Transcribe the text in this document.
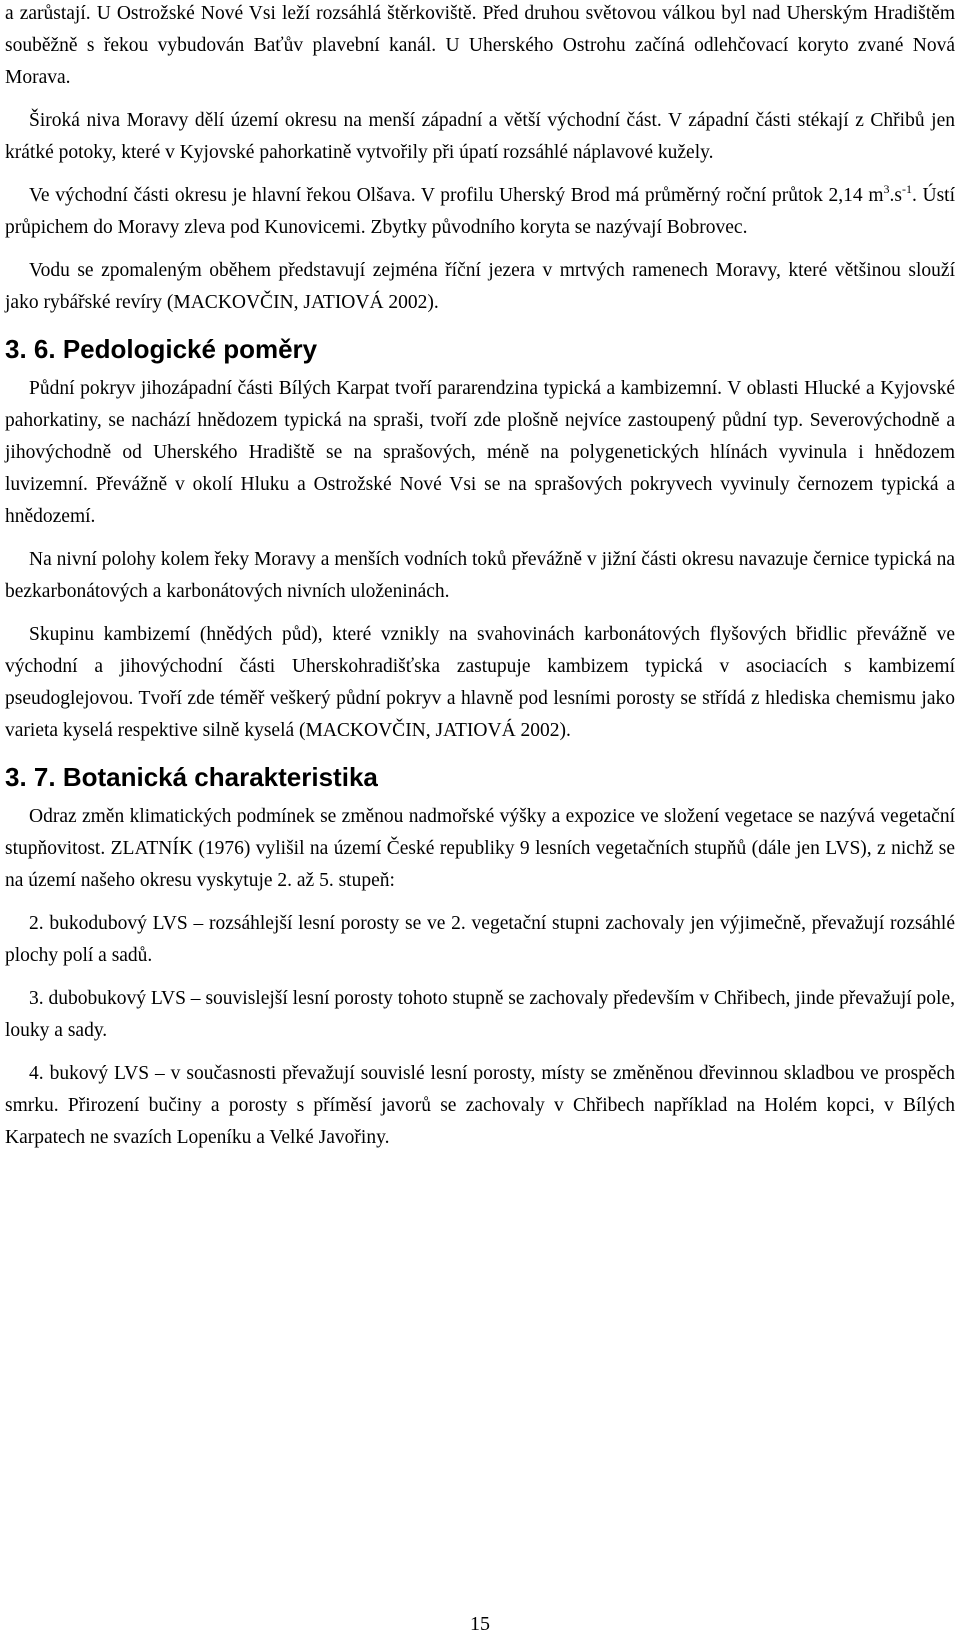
a zarůstají. U Ostrožské Nové Vsi leží rozsáhlá štěrkoviště. Před druhou světovou válkou byl nad Uherským Hradištěm souběžně s řekou vybudován Baťův plavební kanál. U Uherského Ostrohu začíná odlehčovací koryto zvané Nová Morava.

Široká niva Moravy dělí území okresu na menší západní a větší východní část. V západní části stékají z Chřibů jen krátké potoky, které v Kyjovské pahorkatině vytvořily při úpatí rozsáhlé náplavové kužely.

Ve východní části okresu je hlavní řekou Olšava. V profilu Uherský Brod má průměrný roční průtok 2,14 $m^3.s^{-1}$. Ústí průpichem do Moravy zleva pod Kunovicemi. Zbytky původního koryta se nazývají Bobrovec.

Vodu se zpomaleným oběhem představují zejména říční jezera v mrtvých ramenech Moravy, které většinou slouží jako rybářské revíry (MACKOVČIN, JATIOVÁ 2002).

3. 6. Pedologické poměry

Půdní pokryv jihozápadní části Bílých Karpat tvoří pararendzina typická a kambizemní. V oblasti Hlucké a Kyjovské pahorkatiny, se nachází hnědozem typická na spraši, tvoří zde plošně nejvíce zastoupený půdní typ. Severovýchodně a jihovýchodně od Uherského Hradiště se na sprašových, méně na polygenetických hlínách vyvinula i hnědozem luvizemní. Převážně v okolí Hluku a Ostrožské Nové Vsi se na sprašových pokryvech vyvinuly černozem typická a hnědozemí.

Na nivní polohy kolem řeky Moravy a menších vodních toků převážně v jižní části okresu navazuje černice typická na bezkarbonátových a karbonátových nivních uloženinách.

Skupinu kambizemí (hnědých půd), které vznikly na svahovinách karbonátových flyšových břidlic převážně ve východní a jihovýchodní části Uherskohradišťska zastupuje kambizem typická v asociacích s kambizemí pseudoglejovou. Tvoří zde téměř veškerý půdní pokryv a hlavně pod lesními porosty se střídá z hlediska chemismu jako varieta kyselá respektive silně kyselá (MACKOVČIN, JATIOVÁ 2002).

3. 7. Botanická charakteristika

Odraz změn klimatických podmínek se změnou nadmořské výšky a expozice ve složení vegetace se nazývá vegetační stupňovitost. ZLATNÍK (1976) vylišil na území České republiky 9 lesních vegetačních stupňů (dále jen LVS), z nichž se na území našeho okresu vyskytuje 2. až 5. stupeň:

2. bukodubový LVS – rozsáhlejší lesní porosty se ve 2. vegetační stupni zachovaly jen výjimečně, převažují rozsáhlé plochy polí a sadů.

3. dubobukový LVS – souvislejší lesní porosty tohoto stupně se zachovaly především v Chřibech, jinde převažují pole, louky a sady.

4. bukový LVS – v současnosti převažují souvislé lesní porosty, místy se změněnou dřevinnou skladbou ve prospěch smrku. Přirození bučiny a porosty s příměsí javorů se zachovaly v Chřibech například na Holém kopci, v Bílých Karpatech ne svazích Lopeníku a Velké Javořiny.

15
